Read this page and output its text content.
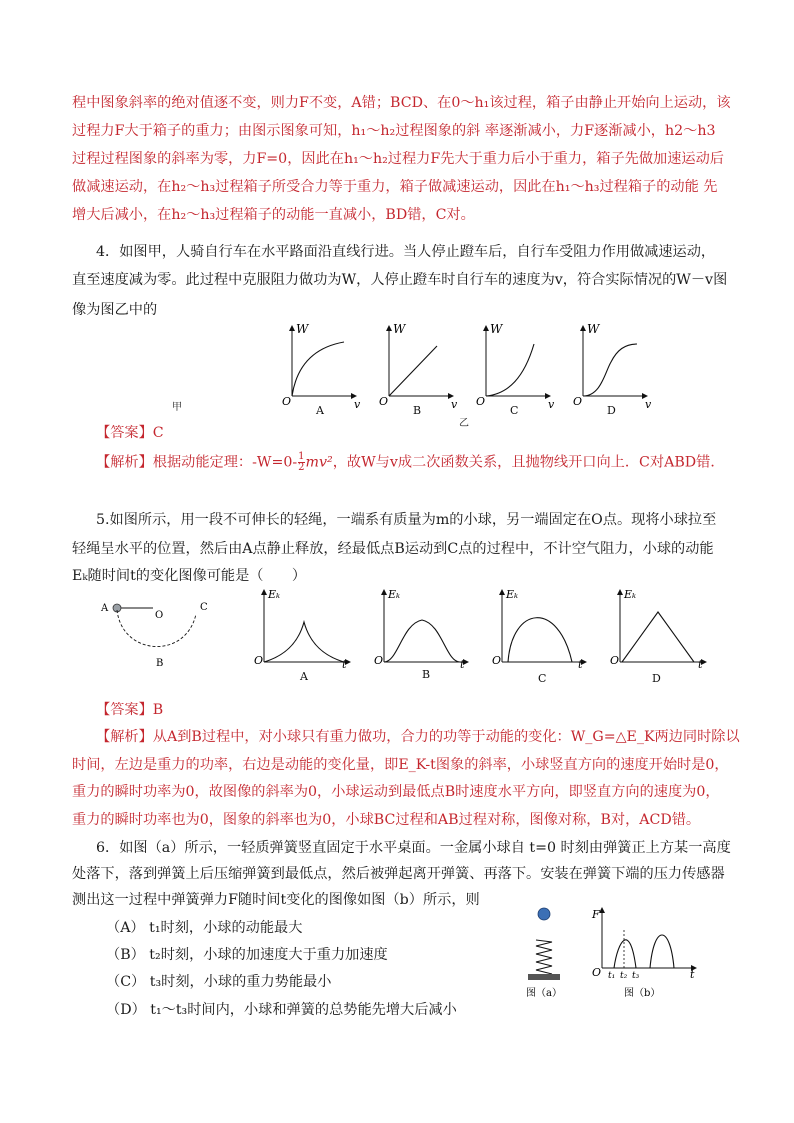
程中图象斜率的绝对值逐不变，则力F不变，A错；BCD、在0～h₁该过程，箱子由静止开始向上运动，该
过程力F大于箱子的重力；由图示图象可知，h₁～h₂过程图象的斜 率逐渐减小，力F逐渐减小，h2～h3
过程过程图象的斜率为零，力F=0，因此在h₁～h₂过程力F先大于重力后小于重力，箱子先做加速运动后
做减速运动，在h₂～h₃过程箱子所受合力等于重力，箱子做减速运动，因此在h₁～h₃过程箱子的动能 先
增大后减小，在h₂～h₃过程箱子的动能一直减小，BD错，C对。
4．如图甲，人骑自行车在水平路面沿直线行进。当人停止蹬车后，自行车受阻力作用做减速运动，
直至速度减为零。此过程中克服阻力做功为W，人停止蹬车时自行车的速度为v，符合实际情况的W－v图
像为图乙中的
甲
W
O	v
A
W
O	v
B
W
O	v
C
W
O	v
D
乙
【答案】C
【解析】根据动能定理：$-W=0- \frac{1}{2} mv^2$，故W与v成二次函数关系，且抛物线开口向上．C对ABD错．
5.如图所示，用一段不可伸长的轻绳，一端系有质量为m的小球，另一端固定在O点。现将小球拉至
轻绳呈水平的位置，然后由A点静止释放，经最低点B运动到C点的过程中，不计空气阻力，小球的动能
Eₖ随时间t的变化图像可能是（　　）
A
O
C
B
Eₖ
O	t
A
Eₖ
O	t
B
Eₖ
O	t
C
Eₖ
O	t
D
【答案】B
【解析】从A到B过程中，对小球只有重力做功，合力的功等于动能的变化：W_G=△E_K两边同时除以
时间，左边是重力的功率，右边是动能的变化量，即E_K-t图象的斜率，小球竖直方向的速度开始时是0，
重力的瞬时功率为0，故图像的斜率为0，小球运动到最低点B时速度水平方向，即竖直方向的速度为0，
重力的瞬时功率也为0，图象的斜率也为0，小球BC过程和AB过程对称，图像对称，B对，ACD错。
6．如图（a）所示，一轻质弹簧竖直固定于水平桌面。一金属小球自 t=0 时刻由弹簧正上方某一高度
处落下，落到弹簧上后压缩弹簧到最低点，然后被弹起离开弹簧、再落下。安装在弹簧下端的压力传感器
测出这一过程中弹簧弹力F随时间t变化的图像如图（b）所示，则
（A） t₁时刻，小球的动能最大
（B） t₂时刻，小球的加速度大于重力加速度
（C） t₃时刻，小球的重力势能最小
（D） t₁～t₃时间内，小球和弹簧的总势能先增大后减小
图（a）
F
O	t
t₁ t₂ t₃
图（b）
